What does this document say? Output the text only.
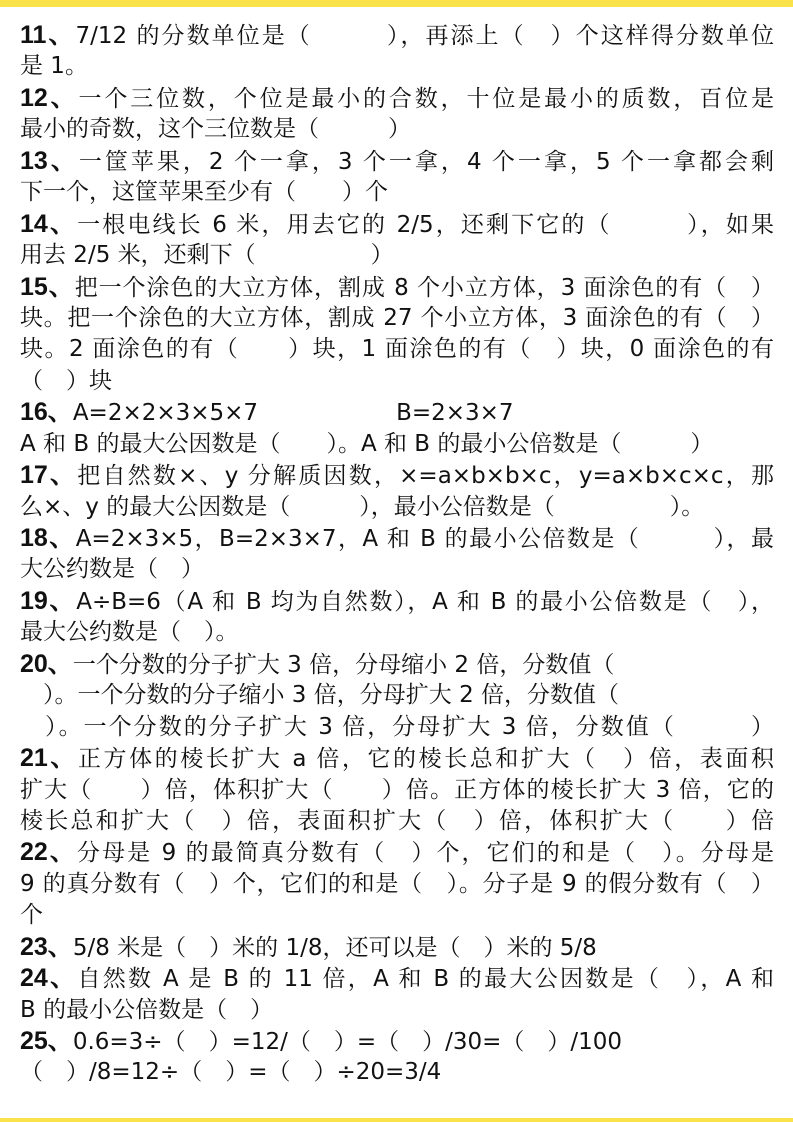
11、7/12 的分数单位是（　　　），再添上（　）个这样得分数单位
是 1。
12、一个三位数，个位是最小的合数，十位是最小的质数，百位是
最小的奇数，这个三位数是（　　　）
13、一筐苹果，2 个一拿，3 个一拿，4 个一拿，5 个一拿都会剩
下一个，这筐苹果至少有（　　）个
14、一根电线长 6 米，用去它的 2/5，还剩下它的（　　　），如果
用去 2/5 米，还剩下（　　　　　）
15、把一个涂色的大立方体，割成 8 个小立方体，3 面涂色的有（　）
块。把一个涂色的大立方体，割成 27 个小立方体，3 面涂色的有（　）
块。2 面涂色的有（　　）块，1 面涂色的有（　）块，0 面涂色的有
（　）块
16、A=2×2×3×5×7　　　　　　B=2×3×7
A 和 B 的最大公因数是（　　）。A 和 B 的最小公倍数是（　　　）
17、把自然数×、y 分解质因数，×=a×b×b×c，y=a×b×c×c，那
么×、y 的最大公因数是（　　　），最小公倍数是（　　　　　）。
18、A=2×3×5，B=2×3×7，A 和 B 的最小公倍数是（　　　），最
大公约数是（　）
19、A÷B=6（A 和 B 均为自然数），A 和 B 的最小公倍数是（　），
最大公约数是（　）。
20、一个分数的分子扩大 3 倍，分母缩小 2 倍，分数值（
　）。一个分数的分子缩小 3 倍，分母扩大 2 倍，分数值（
　）。一个分数的分子扩大 3 倍，分母扩大 3 倍，分数值（　　　）
21、正方体的棱长扩大 a 倍，它的棱长总和扩大（　）倍，表面积
扩大（　　）倍，体积扩大（　　）倍。正方体的棱长扩大 3 倍，它的
棱长总和扩大（　）倍，表面积扩大（　）倍，体积扩大（　　）倍
22、分母是 9 的最简真分数有（　）个，它们的和是（　）。分母是
9 的真分数有（　）个，它们的和是（　）。分子是 9 的假分数有（　）
个
23、5/8 米是（　）米的 1/8，还可以是（　）米的 5/8
24、自然数 A 是 B 的 11 倍，A 和 B 的最大公因数是（　），A 和
B 的最小公倍数是（　）
25、0.6=3÷（　）=12/（　）=（　）/30=（　）/100
（　）/8=12÷（　）=（　）÷20=3/4
